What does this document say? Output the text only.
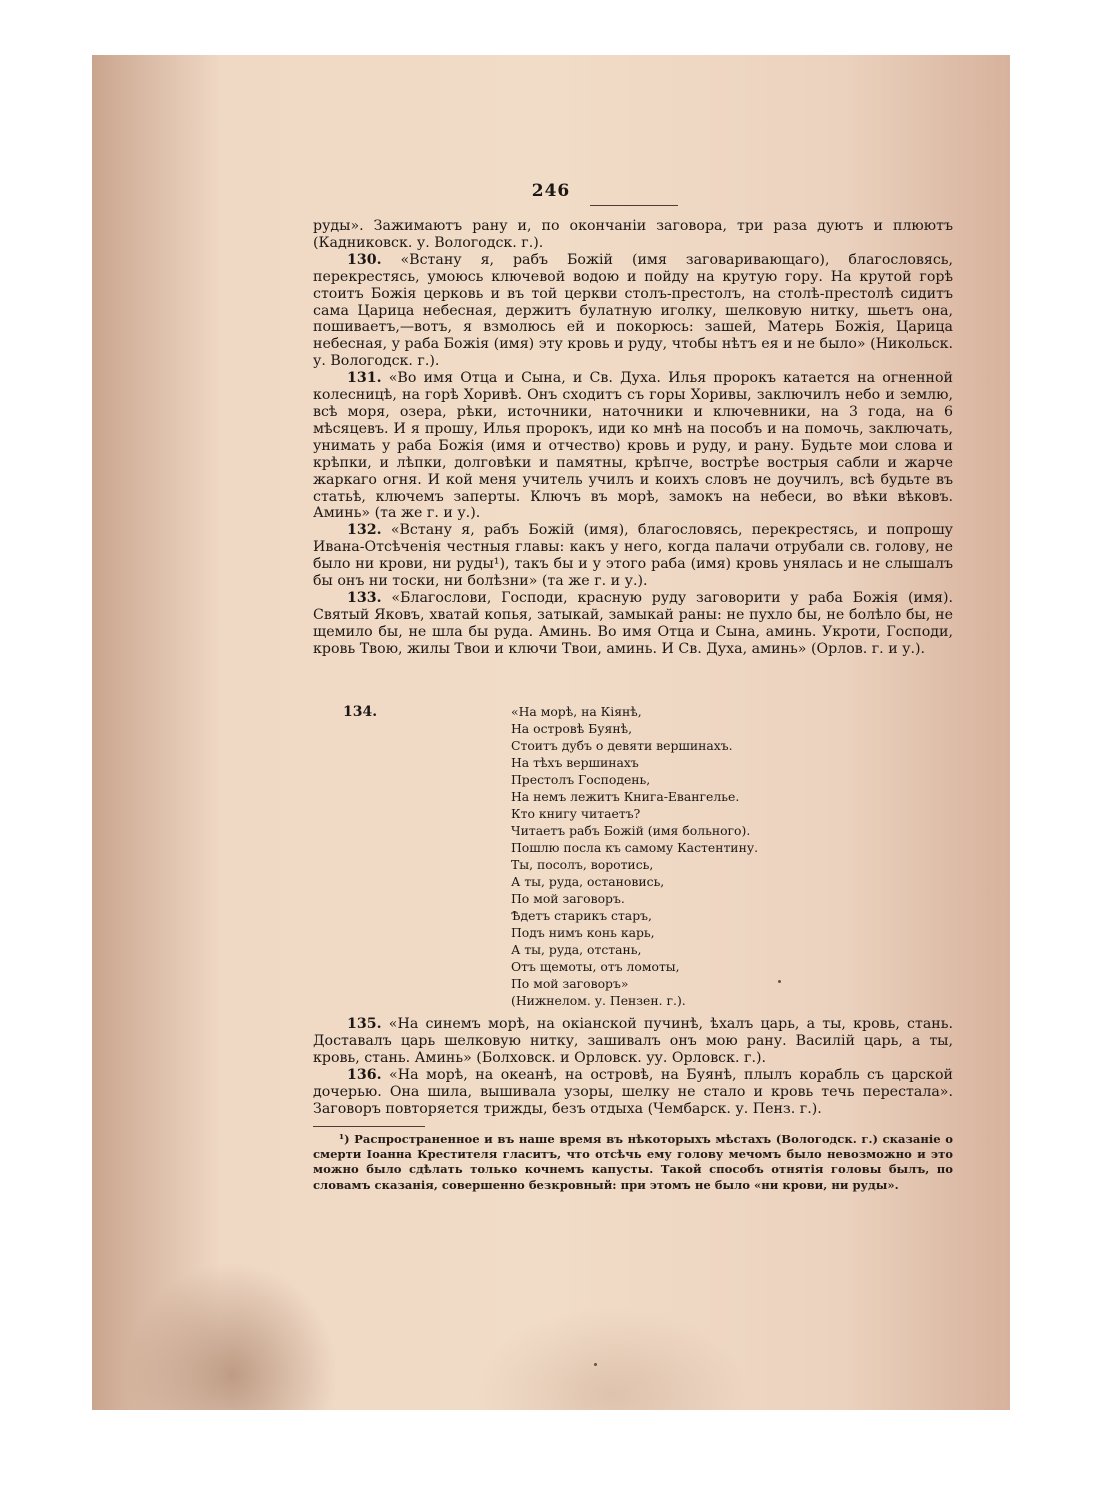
246

руды». Зажимаютъ рану и, по окончанiи заговора, три раза дуютъ и плюютъ (Кадниковск. у. Вологодск. г.).

130. «Встану я, рабъ Божiй (имя заговаривающаго), благословясь, перекрестясь, умоюсь ключевой водою и пойду на крутую гору. На крутой горѣ стоитъ Божiя церковь и въ той церкви столъ-престолъ, на столѣ-престолѣ сидитъ сама Царица небесная, держитъ булатную иголку, шелковую нитку, шьетъ она, пошиваетъ,—вотъ, я взмолюсь ей и покорюсь: зашей, Матерь Божiя, Царица небесная, у раба Божiя (имя) эту кровь и руду, чтобы нѣтъ ея и не было» (Никольск. у. Вологодск. г.).

131. «Во имя Отца и Сына, и Св. Духа. Илья пророкъ катается на огненной колесницѣ, на горѣ Хоривѣ. Онъ сходитъ съ горы Хоривы, заключилъ небо и землю, всѣ моря, озера, рѣки, источники, наточники и ключевники, на 3 года, на 6 мѣсяцевъ. И я прошу, Илья пророкъ, иди ко мнѣ на пособъ и на помочь, заключать, унимать у раба Божiя (имя и отчество) кровь и руду, и рану. Будьте мои слова и крѣпки, и лѣпки, долговѣки и памятны, крѣпче, вострѣе вострыя сабли и жарче жаркаго огня. И кой меня учитель училъ и коихъ словъ не доучилъ, всѣ будьте въ статьѣ, ключемъ заперты. Ключъ въ морѣ, замокъ на небеси, во вѣки вѣковъ. Аминь» (та же г. и у.).

132. «Встану я, рабъ Божiй (имя), благословясь, перекрестясь, и попрошу Ивана-Отсѣченiя честныя главы: какъ у него, когда палачи отрубали св. голову, не было ни крови, ни руды¹), такъ бы и у этого раба (имя) кровь унялась и не слышалъ бы онъ ни тоски, ни болѣзни» (та же г. и у.).

133. «Благослови, Господи, красную руду заговорити у раба Божiя (имя). Святый Яковъ, хватай копья, затыкай, замыкай раны: не пухло бы, не болѣло бы, не щемило бы, не шла бы руда. Аминь. Во имя Отца и Сына, аминь. Укроти, Господи, кровь Твою, жилы Твои и ключи Твои, аминь. И Св. Духа, аминь» (Орлов. г. и у.).

134.	«На морѣ, на Кiянѣ,
На островѣ Буянѣ,
Стоитъ дубъ о девяти вершинахъ.
На тѣхъ вершинахъ
Престолъ Господень,
На немъ лежитъ Книга-Евангелье.
Кто книгу читаетъ?
Читаетъ рабъ Божiй (имя больного).
Пошлю посла къ самому Кастентину.
Ты, посолъ, воротись,
А ты, руда, остановись,
По мой заговоръ.
Ѣдетъ старикъ старъ,
Подъ нимъ конь карь,
А ты, руда, отстань,
Отъ щемоты, отъ ломоты,
По мой заговоръ»
(Нижнелом. у. Пензен. г.).

135. «На синемъ морѣ, на окiанской пучинѣ, ѣхалъ царь, а ты, кровь, стань. Доставалъ царь шелковую нитку, зашивалъ онъ мою рану. Василiй царь, а ты, кровь, стань. Аминь» (Болховск. и Орловск. уу. Орловск. г.).

136. «На морѣ, на океанѣ, на островѣ, на Буянѣ, плылъ корабль съ царской дочерью. Она шила, вышивала узоры, шелку не стало и кровь течь перестала». Заговоръ повторяется трижды, безъ отдыха (Чембарск. у. Пенз. г.).

¹) Распространенное и въ наше время въ нѣкоторыхъ мѣстахъ (Вологодск. г.) сказанiе о смерти Iоанна Крестителя гласитъ, что отсѣчь ему голову мечомъ было невозможно и это можно было сдѣлать только кочнемъ капусты. Такой способъ отнятiя головы былъ, по словамъ сказанiя, совершенно безкровный: при этомъ не было «ни крови, ни руды».
